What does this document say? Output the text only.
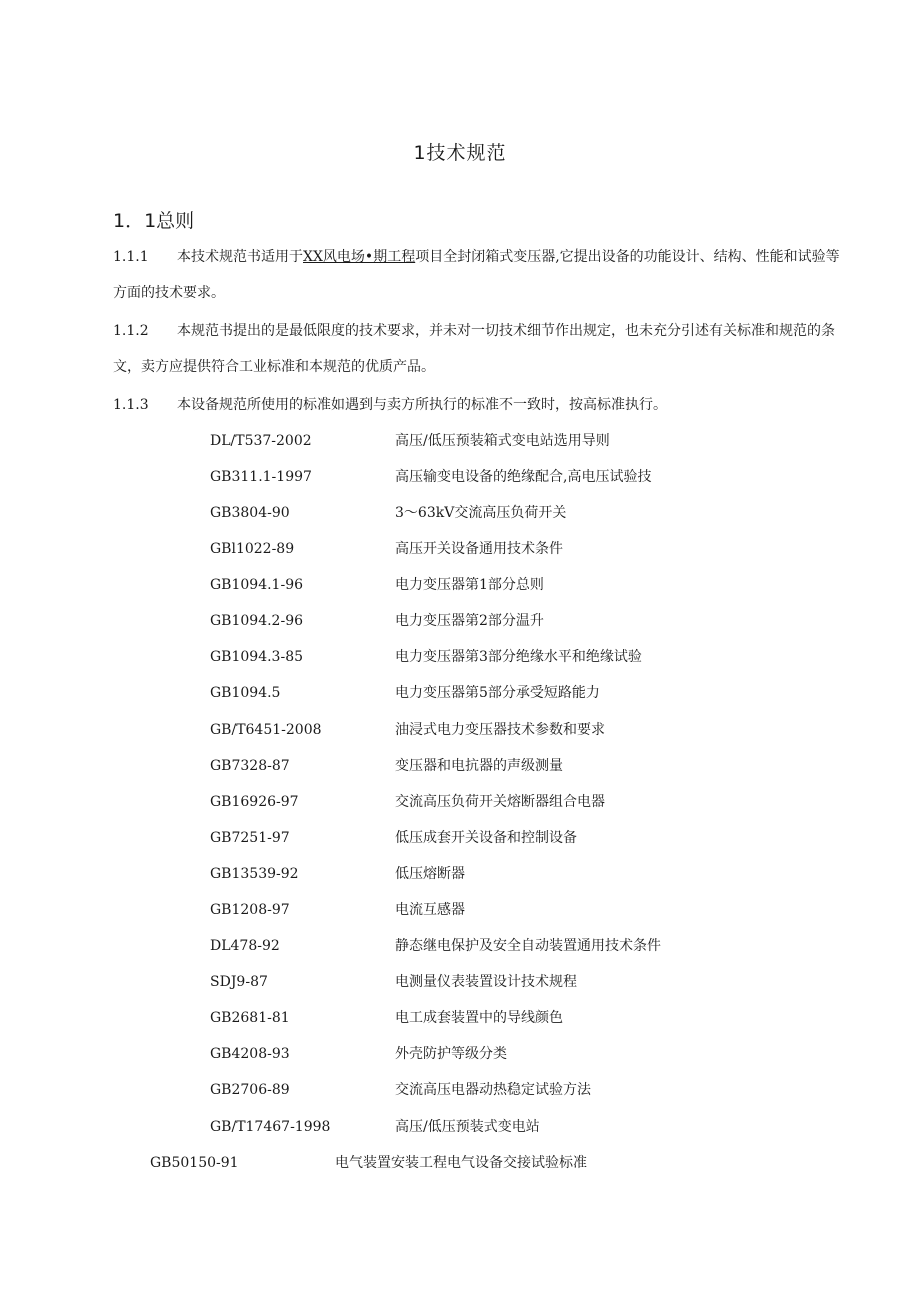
1技术规范
1．1总则
1.1.1 本技术规范书适用于XX风电场•期工程项目全封闭箱式变压器,它提出设备的功能设计、结构、性能和试验等方面的技术要求。
1.1.2 本规范书提出的是最低限度的技术要求，并未对一切技术细节作出规定，也未充分引述有关标准和规范的条文，卖方应提供符合工业标准和本规范的优质产品。
1.1.3 本设备规范所使用的标准如遇到与卖方所执行的标准不一致时，按高标准执行。
DL/T537-2002	高压/低压预装箱式变电站选用导则
GB311.1-1997	高压输变电设备的绝缘配合,高电压试验技
GB3804-90	3～63kV交流高压负荷开关
GBl1022-89	高压开关设备通用技术条件
GB1094.1-96	电力变压器第1部分总则
GB1094.2-96	电力变压器第2部分温升
GB1094.3-85	电力变压器第3部分绝缘水平和绝缘试验
GB1094.5	电力变压器第5部分承受短路能力
GB/T6451-2008	油浸式电力变压器技术参数和要求
GB7328-87	变压器和电抗器的声级测量
GB16926-97	交流高压负荷开关熔断器组合电器
GB7251-97	低压成套开关设备和控制设备
GB13539-92	低压熔断器
GB1208-97	电流互感器
DL478-92	静态继电保护及安全自动装置通用技术条件
SDJ9-87	电测量仪表装置设计技术规程
GB2681-81	电工成套装置中的导线颜色
GB4208-93	外壳防护等级分类
GB2706-89	交流高压电器动热稳定试验方法
GB/T17467-1998	高压/低压预装式变电站
GB50150-91	电气装置安装工程电气设备交接试验标准
